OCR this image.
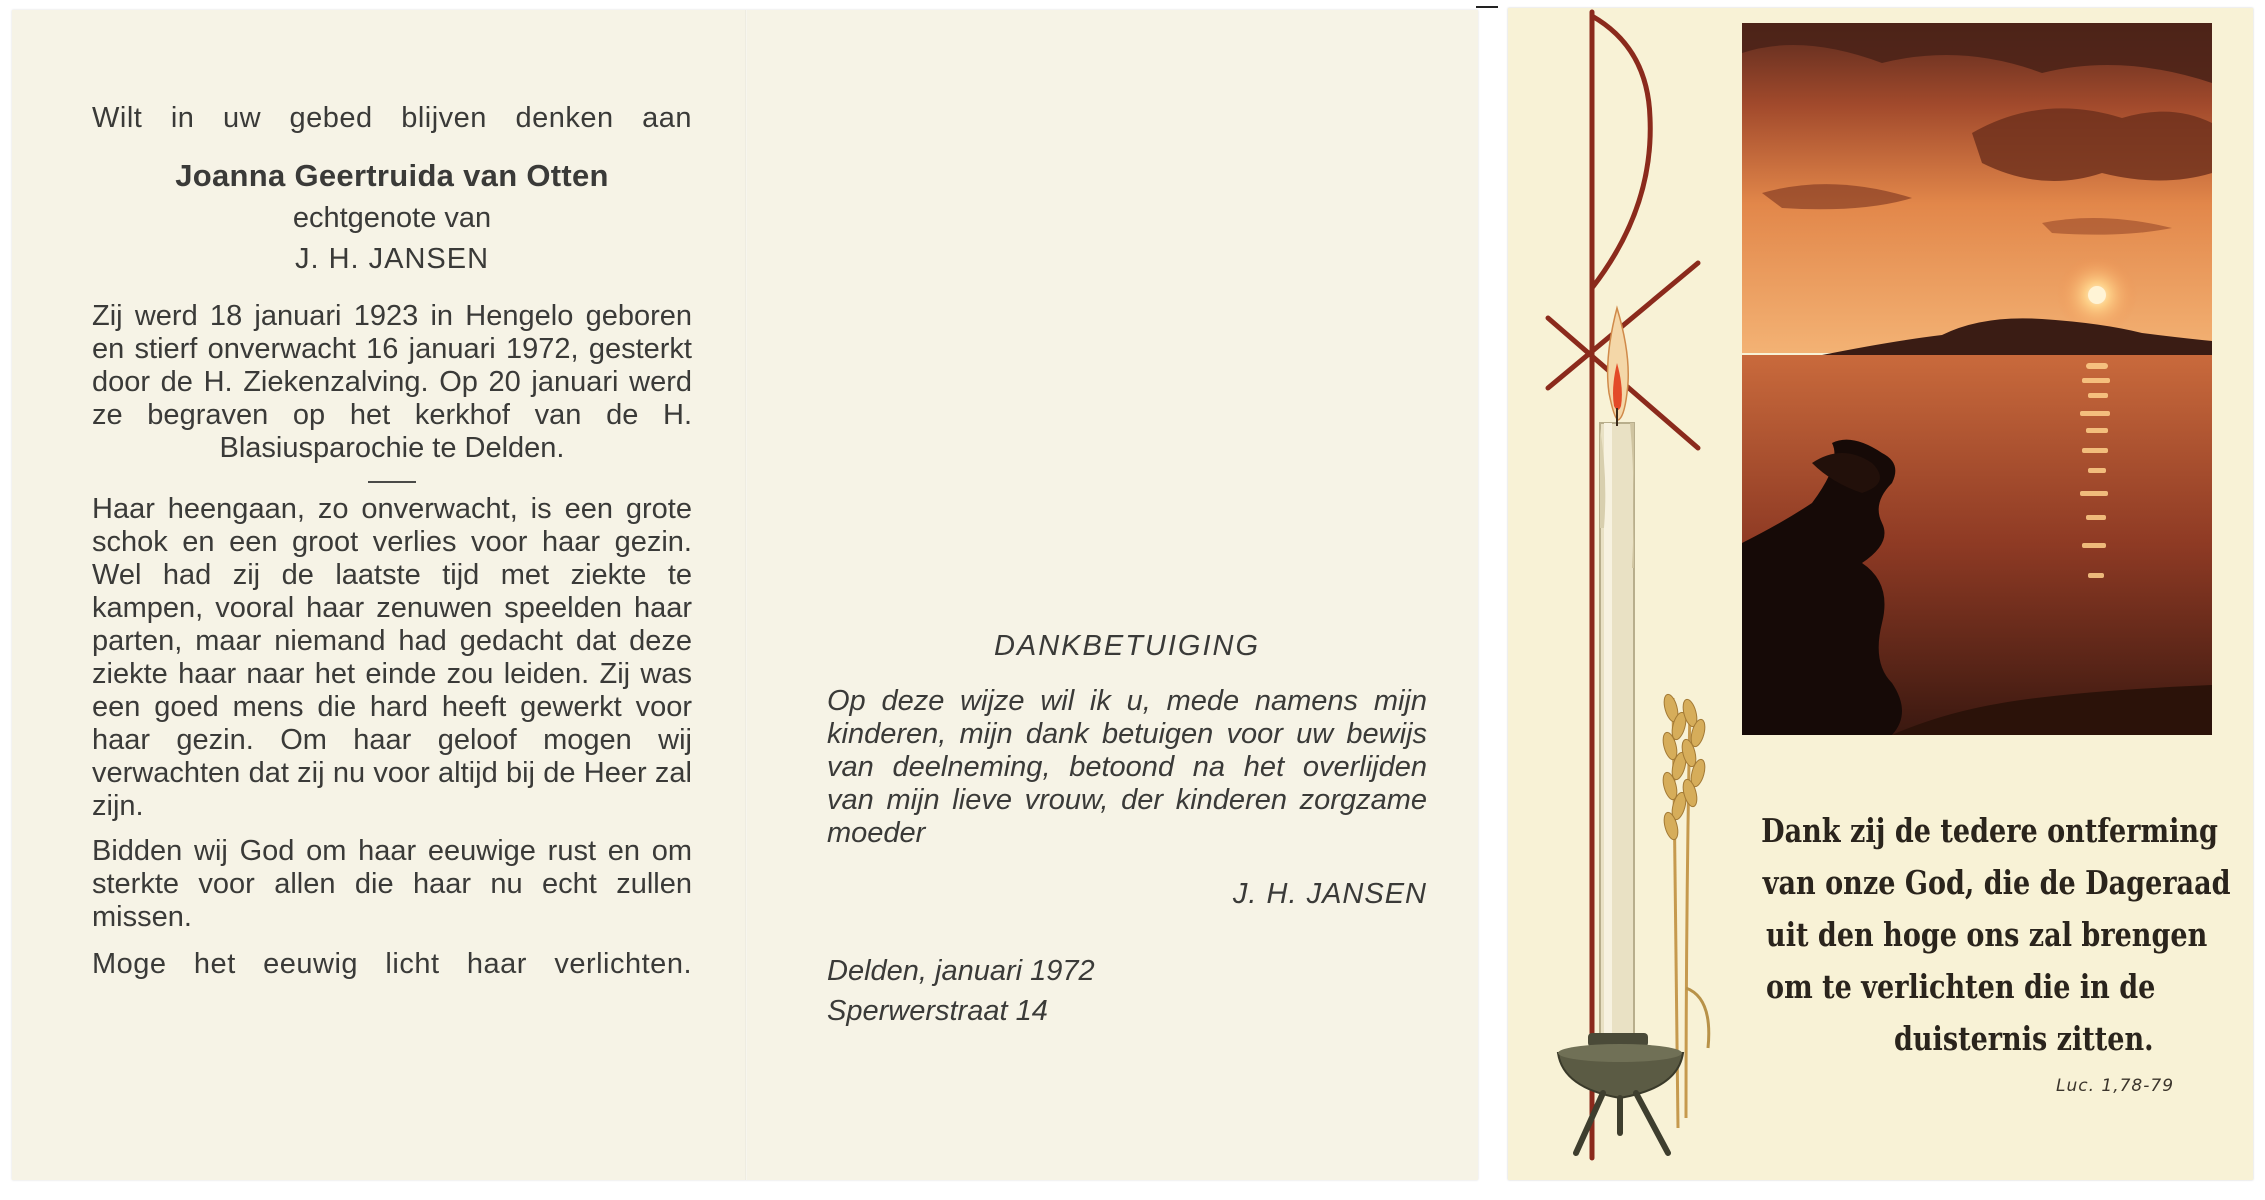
Wilt in uw gebed blijven denken aan
Joanna Geertruida van Otten
echtgenote van
J. H. JANSEN
Zij werd 18 januari 1923 in Hengelo geboren en stierf onverwacht 16 januari 1972, gesterkt door de H. Ziekenzalving. Op 20 januari werd ze begraven op het kerkhof van de H. Blasiusparochie te Delden.
Haar heengaan, zo onverwacht, is een grote schok en een groot verlies voor haar gezin. Wel had zij de laatste tijd met ziekte te kampen, vooral haar zenuwen speelden haar parten, maar niemand had gedacht dat deze ziekte haar naar het einde zou leiden. Zij was een goed mens die hard heeft gewerkt voor haar gezin. Om haar geloof mogen wij verwachten dat zij nu voor altijd bij de Heer zal zijn.
Bidden wij God om haar eeuwige rust en om sterkte voor allen die haar nu echt zullen missen.
Moge het eeuwig licht haar verlichten.
DANKBETUIGING
Op deze wijze wil ik u, mede namens mijn kinderen, mijn dank betuigen voor uw bewijs van deelneming, betoond na het overlijden van mijn lieve vrouw, der kinderen zorgzame moeder
J. H. JANSEN
Delden, januari 1972
Sperwerstraat 14
Dank zij de tedere ontferming
van onze God, die de Dageraad
uit den hoge ons zal brengen
om te verlichten die in de
duisternis zitten.
Luc. 1,78-79
